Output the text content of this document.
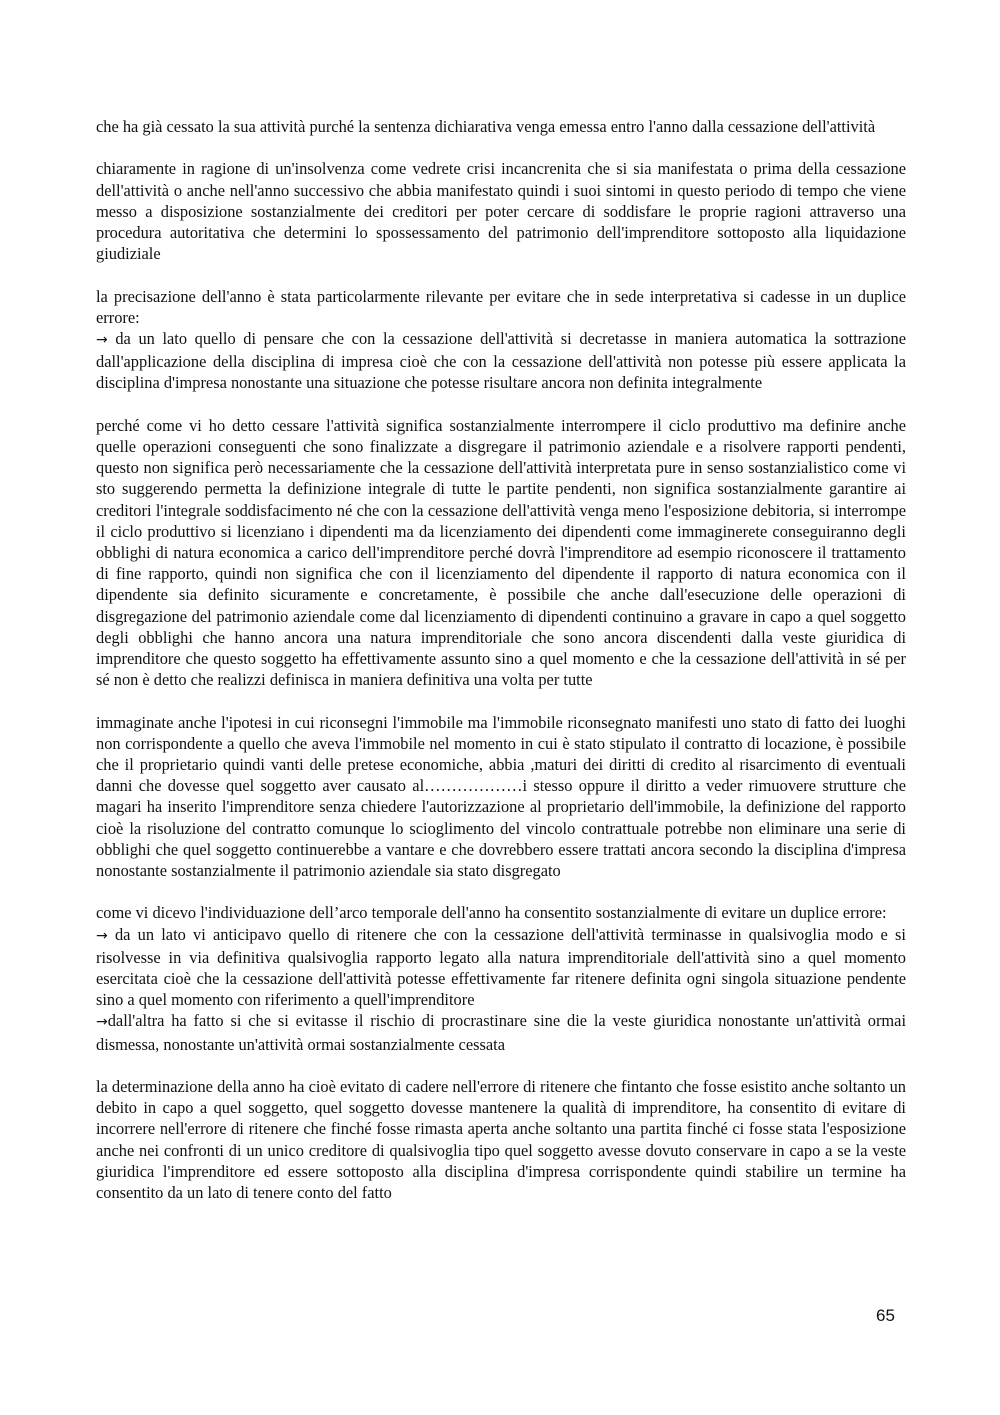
che ha già cessato la sua attività purché la sentenza dichiarativa venga emessa entro l'anno dalla cessazione dell'attività

chiaramente in ragione di un'insolvenza come vedrete crisi incancrenita che si sia manifestata o prima della cessazione dell'attività o anche nell'anno successivo che abbia manifestato quindi i suoi sintomi in questo periodo di tempo che viene messo a disposizione sostanzialmente dei creditori per poter cercare di soddisfare le proprie ragioni attraverso una procedura autoritativa che determini lo spossessamento del patrimonio dell'imprenditore sottoposto alla liquidazione giudiziale

la precisazione dell'anno è stata particolarmente rilevante per evitare che in sede interpretativa si cadesse in un duplice errore:

→ da un lato quello di pensare che con la cessazione dell'attività si decretasse in maniera automatica la sottrazione dall'applicazione della disciplina di impresa cioè che con la cessazione dell'attività non potesse più essere applicata la disciplina d'impresa nonostante una situazione che potesse risultare ancora non definita integralmente

perché come vi ho detto cessare l'attività significa sostanzialmente interrompere il ciclo produttivo ma definire anche quelle operazioni conseguenti che sono finalizzate a disgregare il patrimonio aziendale e a risolvere rapporti pendenti, questo non significa però necessariamente che la cessazione dell'attività interpretata pure in senso sostanzialistico come vi sto suggerendo permetta la definizione integrale di tutte le partite pendenti, non significa sostanzialmente garantire ai creditori l'integrale soddisfacimento né che con la cessazione dell'attività venga meno l'esposizione debitoria, si interrompe il ciclo produttivo si licenziano i dipendenti ma da licenziamento dei dipendenti come immaginerete conseguiranno degli obblighi di natura economica a carico dell'imprenditore perché dovrà l'imprenditore ad esempio riconoscere il trattamento di fine rapporto, quindi non significa che con il licenziamento del dipendente il rapporto di natura economica con il dipendente sia definito sicuramente e concretamente, è possibile che anche dall'esecuzione delle operazioni di disgregazione del patrimonio aziendale come dal licenziamento di dipendenti continuino a gravare in capo a quel soggetto degli obblighi che hanno ancora una natura imprenditoriale che sono ancora discendenti dalla veste giuridica di imprenditore che questo soggetto ha effettivamente assunto sino a quel momento e che la cessazione dell'attività in sé per sé non è detto che realizzi definisca in maniera definitiva una volta per tutte

immaginate anche l'ipotesi in cui riconsegni l'immobile ma l'immobile riconsegnato manifesti uno stato di fatto dei luoghi non corrispondente a quello che aveva l'immobile nel momento in cui è stato stipulato il contratto di locazione, è possibile che il proprietario quindi vanti delle pretese economiche, abbia ,maturi dei diritti di credito al risarcimento di eventuali danni che dovesse quel soggetto aver causato al………………i stesso oppure il diritto a veder rimuovere strutture che magari ha inserito l'imprenditore senza chiedere l'autorizzazione al proprietario dell'immobile, la definizione del rapporto cioè la risoluzione del contratto comunque lo scioglimento del vincolo contrattuale potrebbe non eliminare una serie di obblighi che quel soggetto continuerebbe a vantare e che dovrebbero essere trattati ancora secondo la disciplina d'impresa nonostante sostanzialmente il patrimonio aziendale sia stato disgregato

come vi dicevo l'individuazione dell’arco temporale dell'anno ha consentito sostanzialmente di evitare un duplice errore:

→ da un lato vi anticipavo quello di ritenere che con la cessazione dell'attività terminasse in qualsivoglia modo e si risolvesse in via definitiva qualsivoglia rapporto legato alla natura imprenditoriale dell'attività sino a quel momento esercitata cioè che la cessazione dell'attività potesse effettivamente far ritenere definita ogni singola situazione pendente sino a quel momento con riferimento a quell'imprenditore

→dall'altra ha fatto si che si evitasse il rischio di procrastinare sine die la veste giuridica nonostante un'attività ormai dismessa, nonostante un'attività ormai sostanzialmente cessata

la determinazione della anno ha cioè evitato di cadere nell'errore di ritenere che fintanto che fosse esistito anche soltanto un debito in capo a quel soggetto, quel soggetto dovesse mantenere la qualità di imprenditore, ha consentito di evitare di incorrere nell'errore di ritenere che finché fosse rimasta aperta anche soltanto una partita finché ci fosse stata l'esposizione anche nei confronti di un unico creditore di qualsivoglia tipo quel soggetto avesse dovuto conservare in capo a se la veste giuridica l'imprenditore ed essere sottoposto alla disciplina d'impresa corrispondente quindi stabilire un termine ha consentito da un lato di tenere conto del fatto

65
